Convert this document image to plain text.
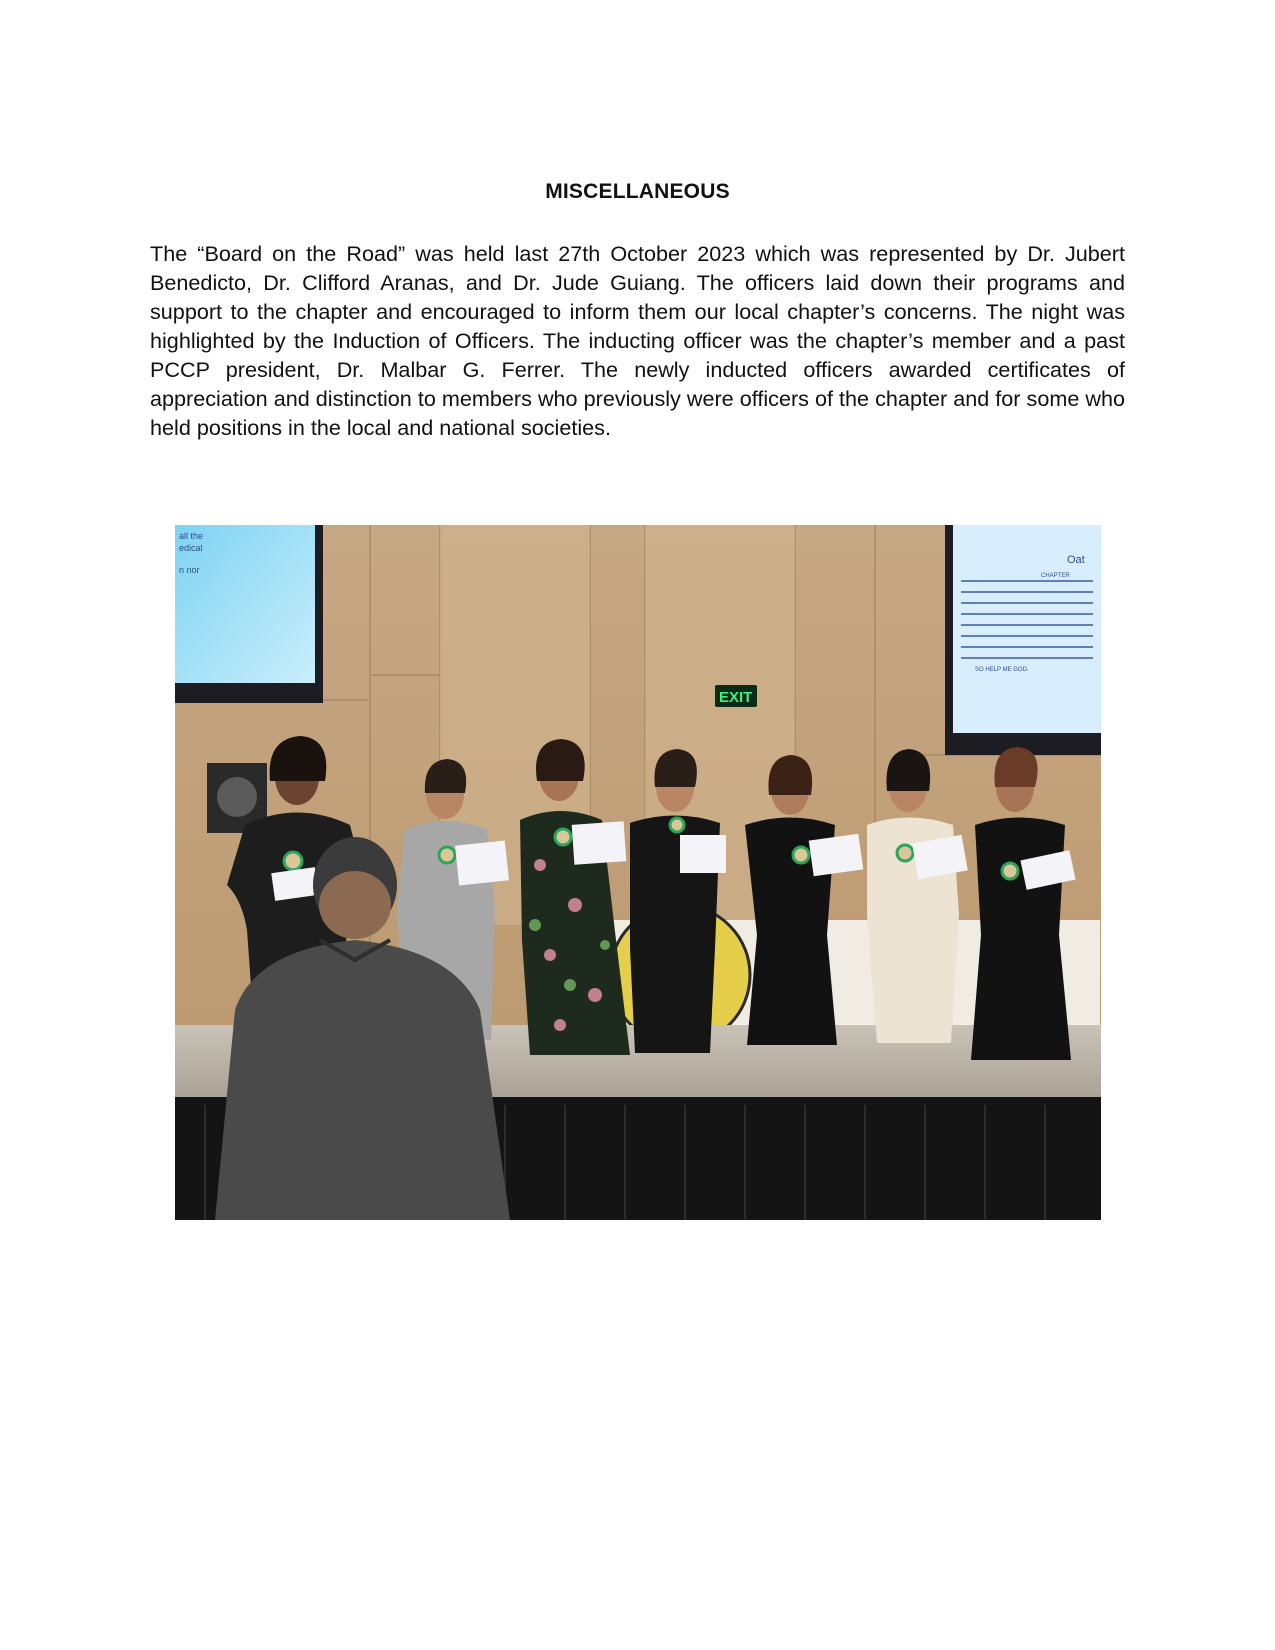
MISCELLANEOUS

The “Board on the Road” was held last 27th October 2023 which was represented by Dr. Jubert Benedicto, Dr. Clifford Aranas, and Dr. Jude Guiang. The officers laid down their programs and support to the chapter and encouraged to inform them our local chapter’s concerns. The night was highlighted by the Induction of Officers. The inducting officer was the chapter’s member and a past PCCP president, Dr. Malbar G. Ferrer. The newly inducted officers awarded certificates of appreciation and distinction to members who previously were officers of the chapter and for some who held positions in the local and national societies.

all the
edical
n nor
Oat
CHAPTER
SO HELP ME GOD.
EXIT
